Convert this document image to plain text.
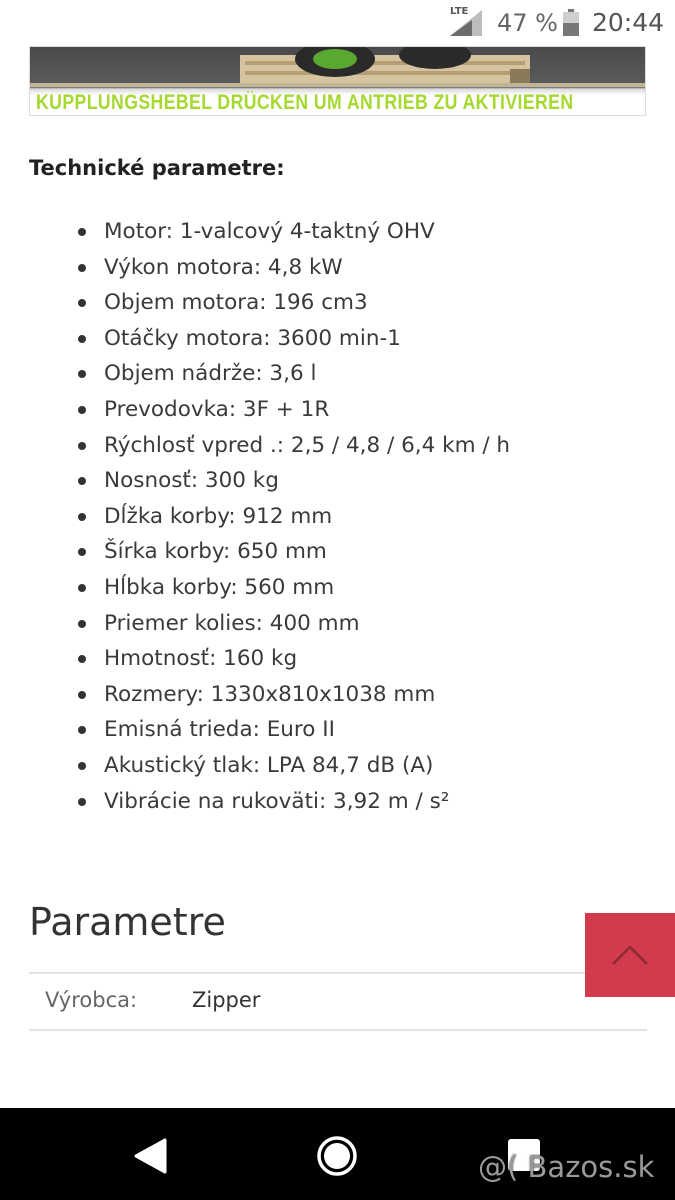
LTE 47 % 20:44
KUPPLUNGSHEBEL DRÜCKEN UM ANTRIEB ZU AKTIVIEREN
Technické parametre:
Motor: 1-valcový 4-taktný OHV
Výkon motora: 4,8 kW
Objem motora: 196 cm3
Otáčky motora: 3600 min-1
Objem nádrže: 3,6 l
Prevodovka: 3F + 1R
Rýchlosť vpred .: 2,5 / 4,8 / 6,4 km / h
Nosnosť: 300 kg
Dĺžka korby: 912 mm
Šírka korby: 650 mm
Hĺbka korby: 560 mm
Priemer kolies: 400 mm
Hmotnosť: 160 kg
Rozmery: 1330x810x1038 mm
Emisná trieda: Euro II
Akustický tlak: LPA 84,7 dB (A)
Vibrácie na rukoväti: 3,92 m / s²
Parametre
Výrobca:	Zipper
@( Bazos.sk
